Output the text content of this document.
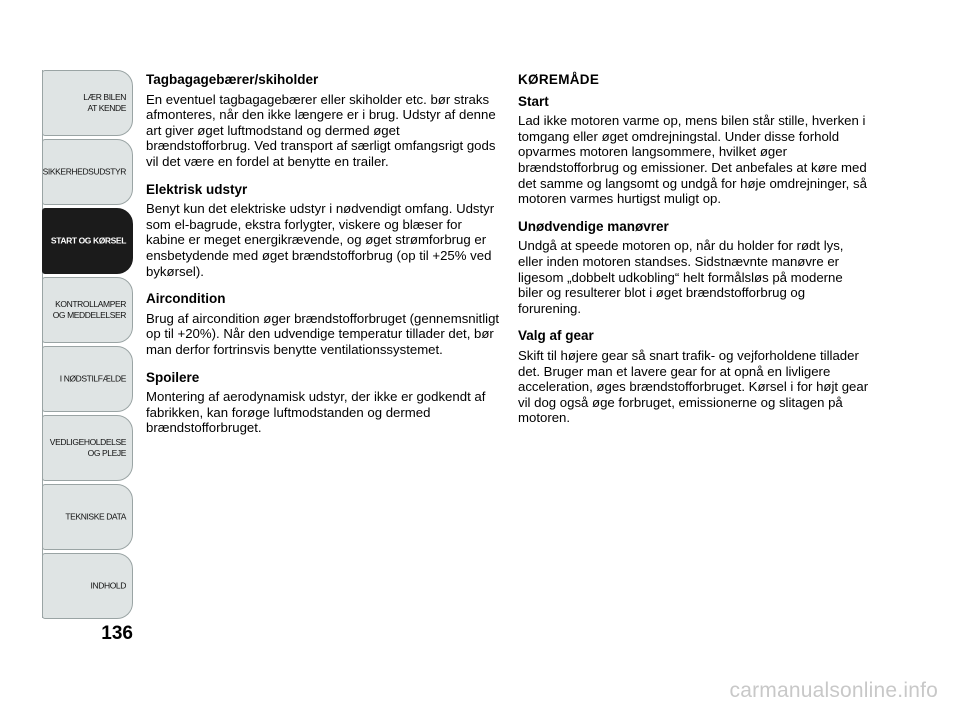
LÆR BILEN
AT KENDE
SIKKERHEDSUDSTYR
START OG KØRSEL
KONTROLLAMPER
OG MEDDELELSER
I NØDSTILFÆLDE
VEDLIGEHOLDELSE
OG PLEJE
TEKNISKE DATA
INDHOLD
136
Tagbagagebærer/skiholder

En eventuel tagbagagebærer eller skiholder etc. bør straks afmonteres, når den ikke længere er i brug. Udstyr af denne art giver øget luftmodstand og dermed øget brændstofforbrug. Ved transport af særligt omfangsrigt gods vil det være en fordel at benytte en trailer.

Elektrisk udstyr

Benyt kun det elektriske udstyr i nødvendigt omfang. Udstyr som el-bagrude, ekstra forlygter, viskere og blæser for kabine er meget energikrævende, og øget strømforbrug er ensbetydende med øget brændstofforbrug (op til +25% ved bykørsel).

Aircondition

Brug af aircondition øger brændstofforbruget (gennemsnitligt op til +20%). Når den udvendige temperatur tillader det, bør man derfor fortrinsvis benytte ventilationssystemet.

Spoilere

Montering af aerodynamisk udstyr, der ikke er godkendt af fabrikken, kan forøge luftmodstanden og dermed brændstofforbruget.

KØREMÅDE
Start

Lad ikke motoren varme op, mens bilen står stille, hverken i tomgang eller øget omdrejningstal. Under disse forhold opvarmes motoren langsommere, hvilket øger brændstofforbrug og emissioner. Det anbefales at køre med det samme og langsomt og undgå for høje omdrejninger, så motoren varmes hurtigst muligt op.

Unødvendige manøvrer

Undgå at speede motoren op, når du holder for rødt lys, eller inden motoren standses. Sidstnævnte manøvre er ligesom „dobbelt udkobling“ helt formålsløs på moderne biler og resulterer blot i øget brændstofforbrug og forurening.

Valg af gear

Skift til højere gear så snart trafik- og vejforholdene tillader det. Bruger man et lavere gear for at opnå en livligere acceleration, øges brændstofforbruget. Kørsel i for højt gear vil dog også øge forbruget, emissionerne og slitagen på motoren.

carmanualsonline.info
